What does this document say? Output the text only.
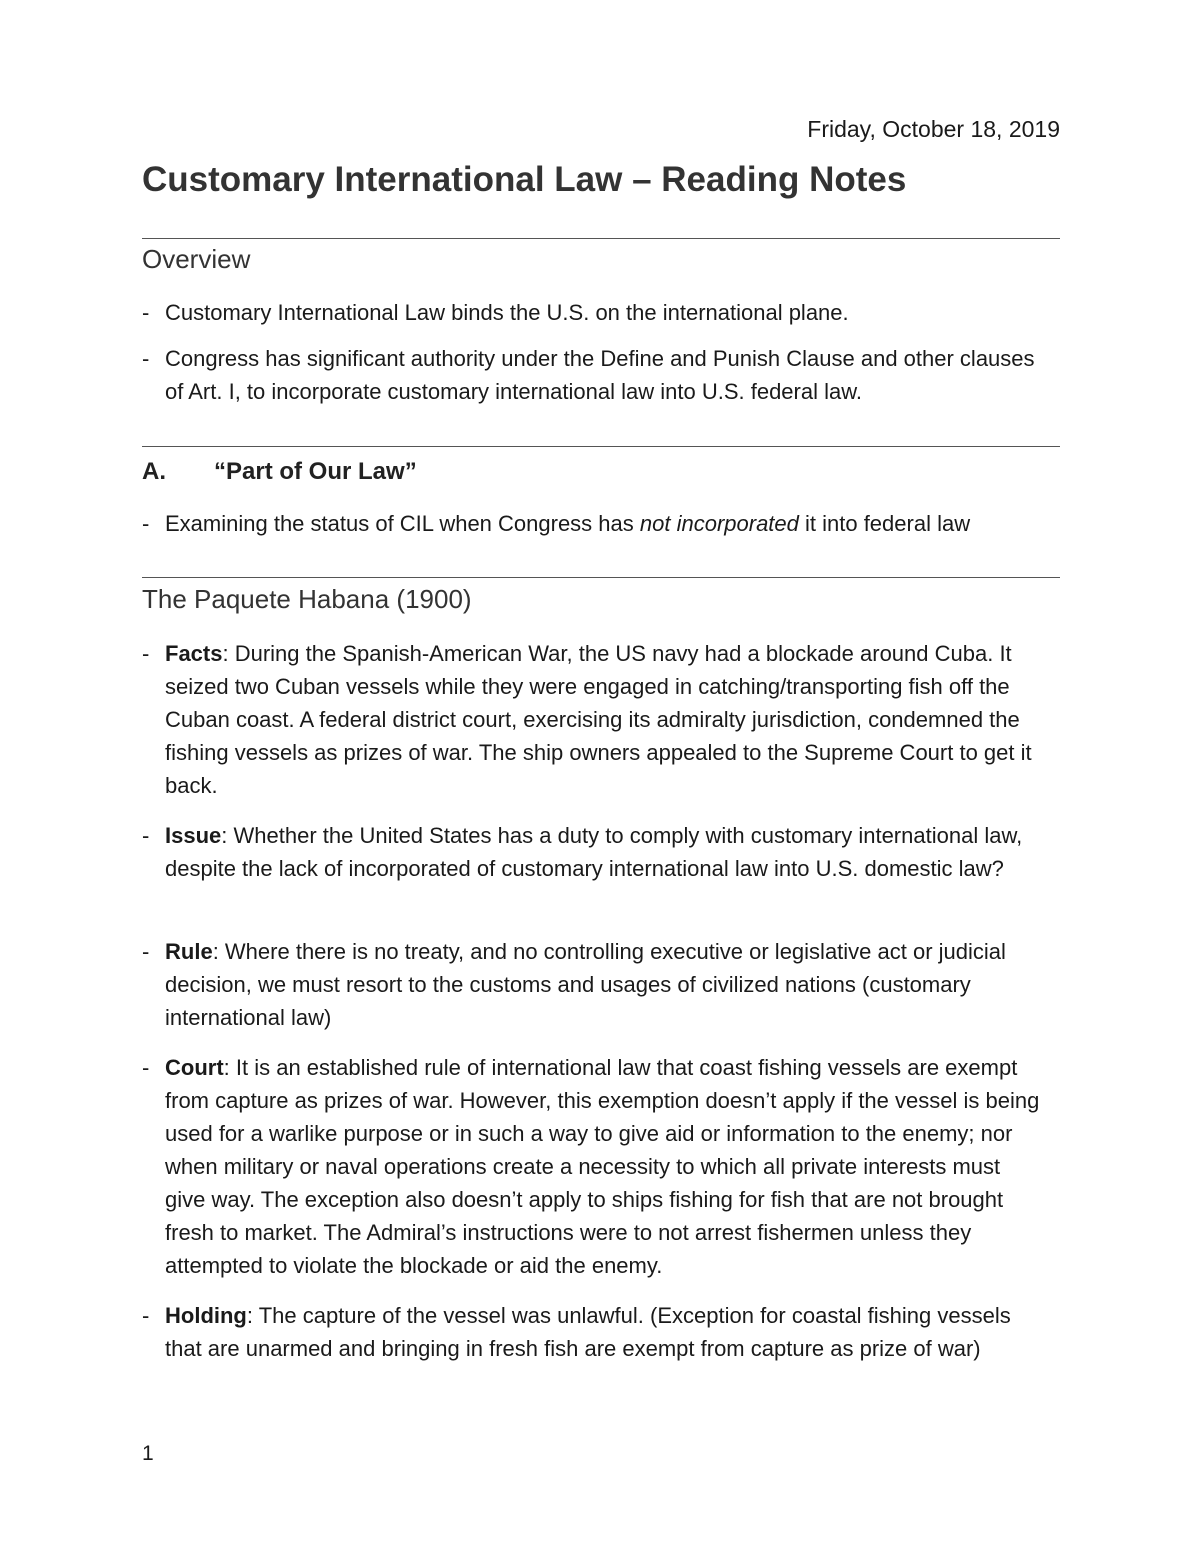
Friday, October 18, 2019
Customary International Law – Reading Notes
Overview
- Customary International Law binds the U.S. on the international plane.
- Congress has significant authority under the Define and Punish Clause and other clauses of Art. I, to incorporate customary international law into U.S. federal law.
A. “Part of Our Law”
- Examining the status of CIL when Congress has not incorporated it into federal law
The Paquete Habana (1900)
- Facts: During the Spanish-American War, the US navy had a blockade around Cuba. It seized two Cuban vessels while they were engaged in catching/transporting fish off the Cuban coast. A federal district court, exercising its admiralty jurisdiction, condemned the fishing vessels as prizes of war. The ship owners appealed to the Supreme Court to get it back.
- Issue: Whether the United States has a duty to comply with customary international law, despite the lack of incorporated of customary international law into U.S. domestic law?
- Rule: Where there is no treaty, and no controlling executive or legislative act or judicial decision, we must resort to the customs and usages of civilized nations (customary international law)
- Court: It is an established rule of international law that coast fishing vessels are exempt from capture as prizes of war. However, this exemption doesn’t apply if the vessel is being used for a warlike purpose or in such a way to give aid or information to the enemy; nor when military or naval operations create a necessity to which all private interests must give way. The exception also doesn’t apply to ships fishing for fish that are not brought fresh to market. The Admiral’s instructions were to not arrest fishermen unless they attempted to violate the blockade or aid the enemy.
- Holding: The capture of the vessel was unlawful. (Exception for coastal fishing vessels that are unarmed and bringing in fresh fish are exempt from capture as prize of war)
1
